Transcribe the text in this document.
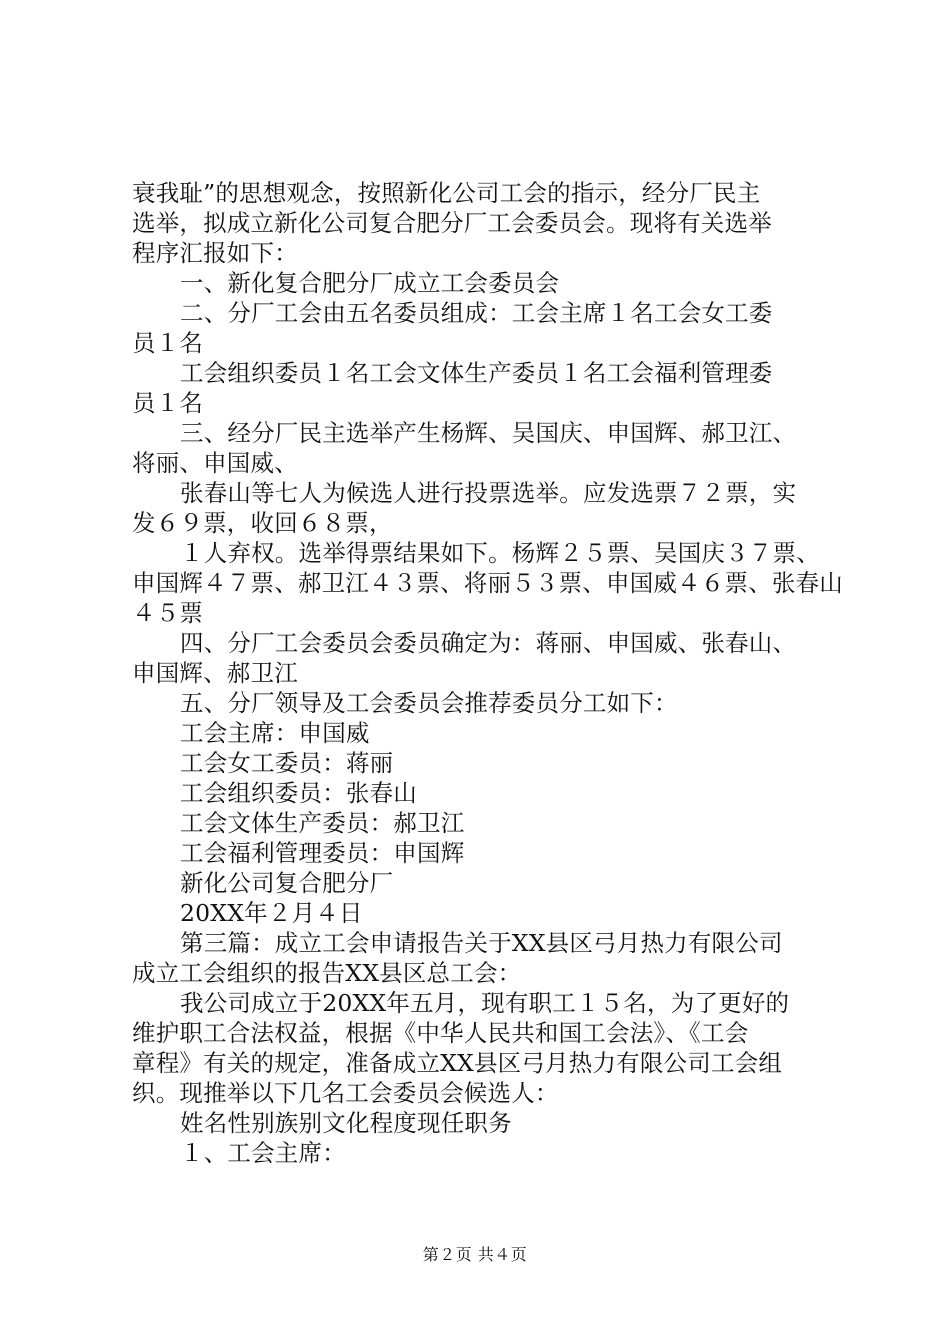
衰我耻”的思想观念，按照新化公司工会的指示，经分厂民主
选举，拟成立新化公司复合肥分厂工会委员会。现将有关选举
程序汇报如下：
一、新化复合肥分厂成立工会委员会
二、分厂工会由五名委员组成：工会主席１名工会女工委
员１名
工会组织委员１名工会文体生产委员１名工会福利管理委
员１名
三、经分厂民主选举产生杨辉、吴国庆、申国辉、郝卫江、
将丽、申国威、
张春山等七人为候选人进行投票选举。应发选票７２票，实
发６９票，收回６８票，
１人弃权。选举得票结果如下。杨辉２５票、吴国庆３７票、
申国辉４７票、郝卫江４３票、将丽５３票、申国威４６票、张春山
４５票
四、分厂工会委员会委员确定为：蒋丽、申国威、张春山、
申国辉、郝卫江
五、分厂领导及工会委员会推荐委员分工如下：
工会主席：申国威
工会女工委员：蒋丽
工会组织委员：张春山
工会文体生产委员：郝卫江
工会福利管理委员：申国辉
新化公司复合肥分厂
20XX年２月４日
第三篇：成立工会申请报告关于XX县区弓月热力有限公司
成立工会组织的报告XX县区总工会：
我公司成立于20XX年五月，现有职工１５名，为了更好的
维护职工合法权益，根据《中华人民共和国工会法》、《工会
章程》有关的规定，准备成立XX县区弓月热力有限公司工会组
织。现推举以下几名工会委员会候选人：
姓名性别族别文化程度现任职务
１、工会主席：
第２页 共４页
